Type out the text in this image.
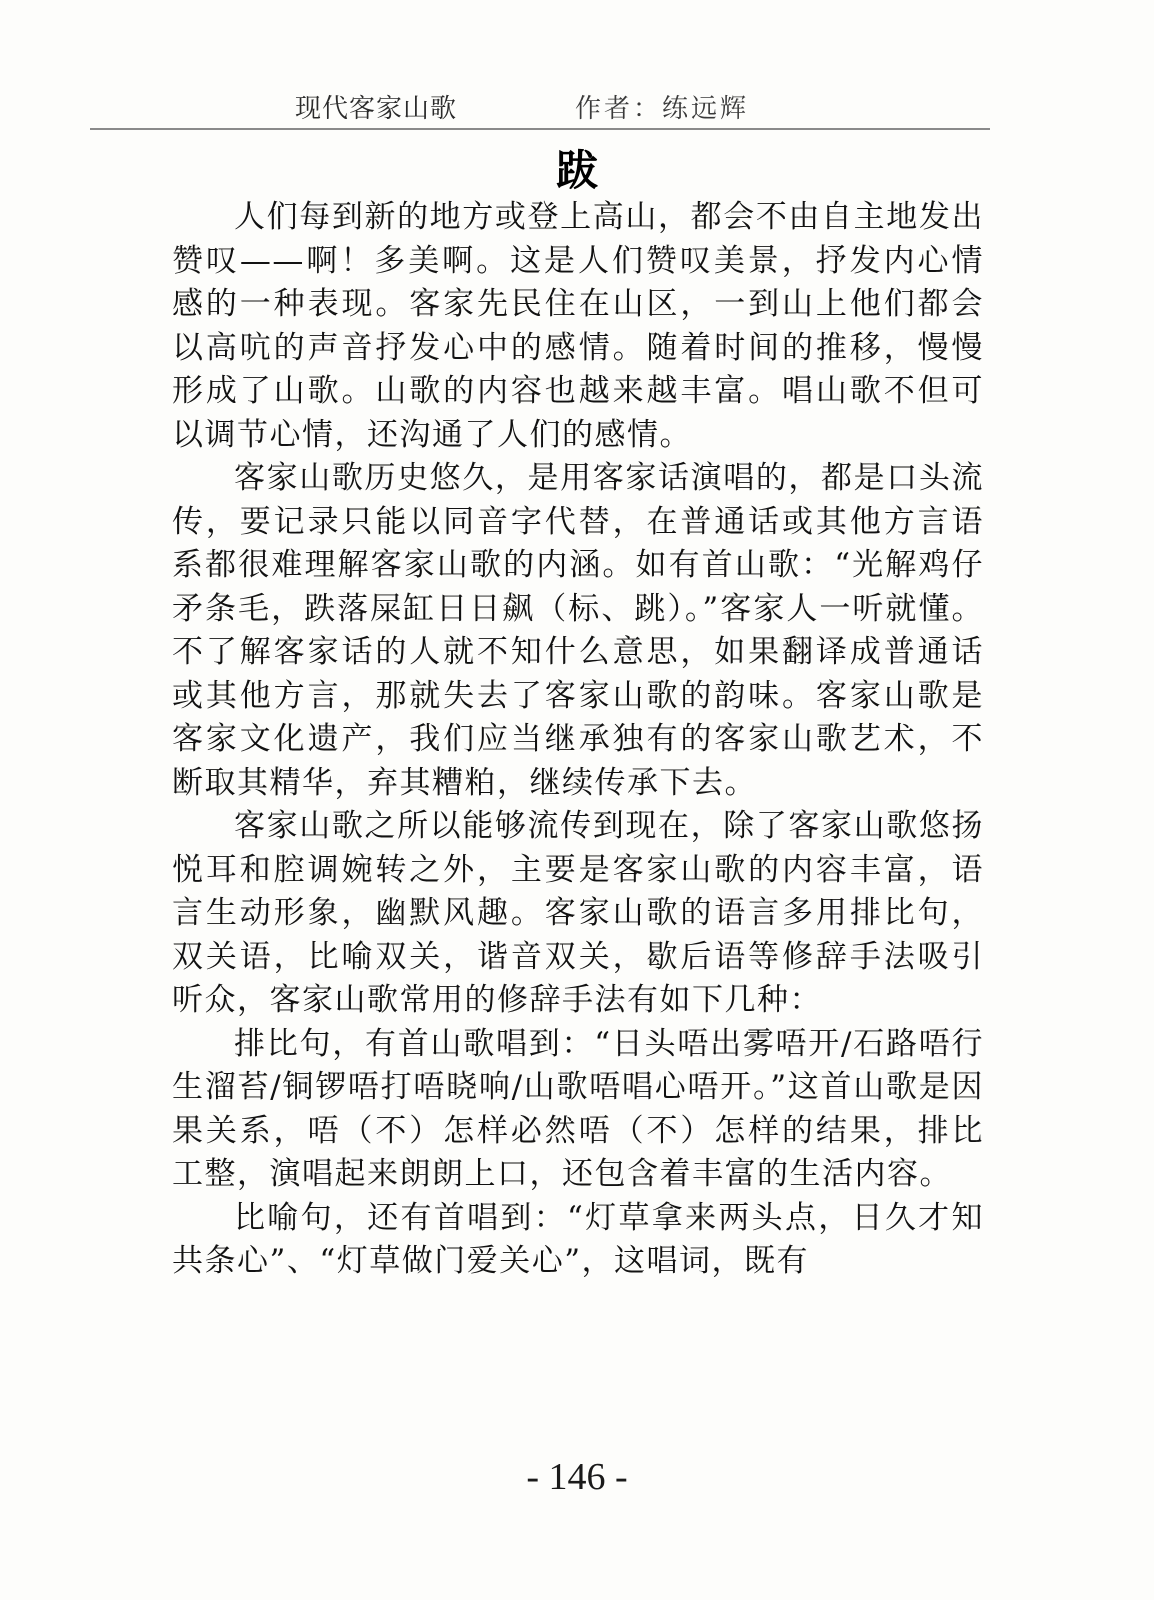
现代客家山歌	作者：练远辉
跋

人们每到新的地方或登上高山，都会不由自主地发出赞叹——啊！多美啊。这是人们赞叹美景，抒发内心情感的一种表现。客家先民住在山区，一到山上他们都会以高吭的声音抒发心中的感情。随着时间的推移，慢慢形成了山歌。山歌的内容也越来越丰富。唱山歌不但可以调节心情，还沟通了人们的感情。

客家山歌历史悠久，是用客家话演唱的，都是口头流传，要记录只能以同音字代替，在普通话或其他方言语系都很难理解客家山歌的内涵。如有首山歌：“光解鸡仔矛条毛，跌落屎缸日日飙（标、跳）。”客家人一听就懂。不了解客家话的人就不知什么意思，如果翻译成普通话或其他方言，那就失去了客家山歌的韵味。客家山歌是客家文化遗产，我们应当继承独有的客家山歌艺术，不断取其精华，弃其糟粕，继续传承下去。

客家山歌之所以能够流传到现在，除了客家山歌悠扬悦耳和腔调婉转之外，主要是客家山歌的内容丰富，语言生动形象，幽默风趣。客家山歌的语言多用排比句，双关语，比喻双关，谐音双关，歇后语等修辞手法吸引听众，客家山歌常用的修辞手法有如下几种：

排比句，有首山歌唱到：“日头唔出雾唔开/石路唔行生溜苔/铜锣唔打唔晓响/山歌唔唱心唔开。”这首山歌是因果关系，唔（不）怎样必然唔（不）怎样的结果，排比工整，演唱起来朗朗上口，还包含着丰富的生活内容。

比喻句，还有首唱到：“灯草拿来两头点，日久才知共条心”、“灯草做门爱关心”，这唱词，既有

- 146 -
